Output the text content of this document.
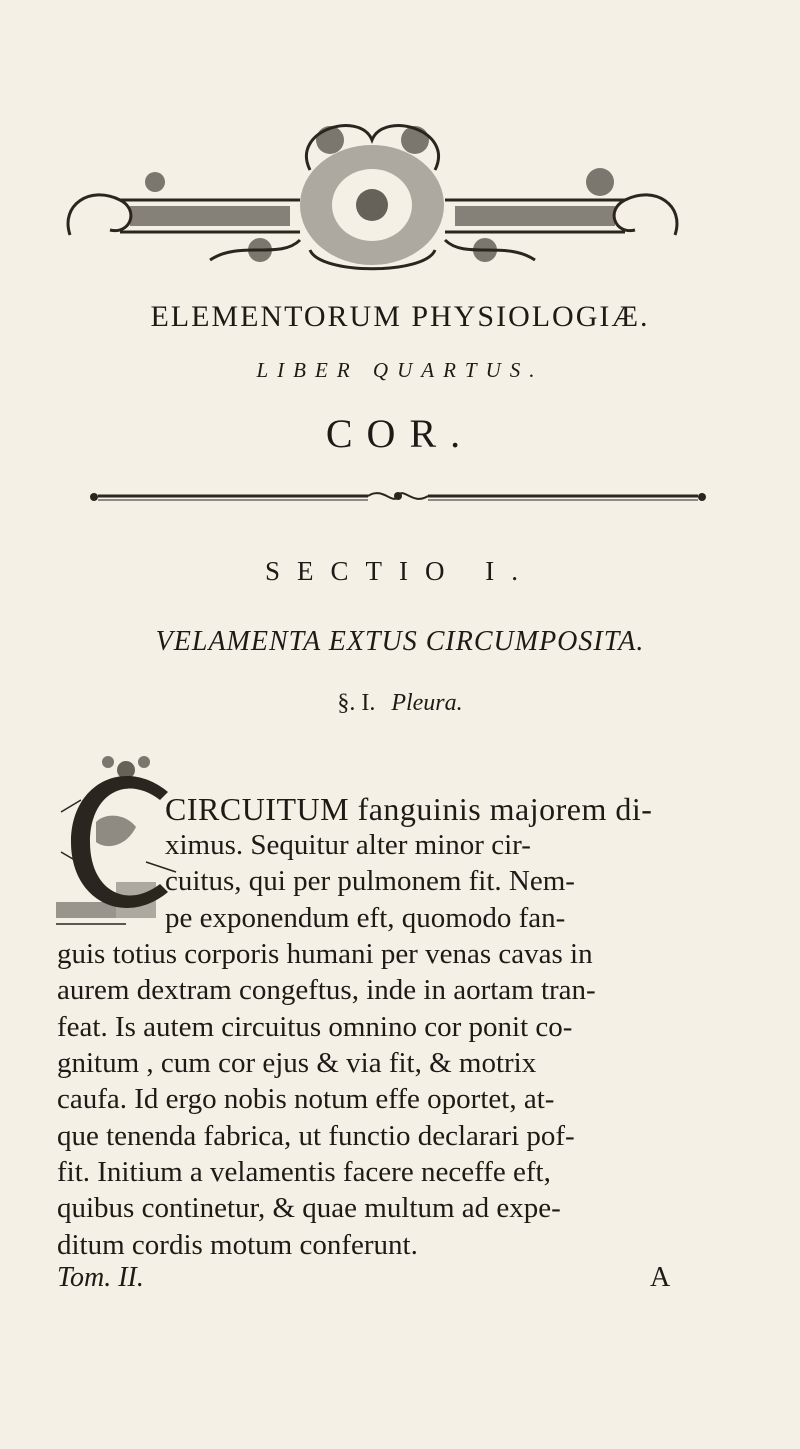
ELEMENTORUM PHYSIOLOGIÆ.
LIBER QUARTUS.
COR.
SECTIO I.
VELAMENTA EXTUS CIRCUMPOSITA.
§. I. Pleura.
CIRCUITUM fanguinis majorem di-
ximus. Sequitur alter minor cir-
cuitus, qui per pulmonem fit. Nem-
pe exponendum eft, quomodo fan-
guis totius corporis humani per venas cavas in
aurem dextram congeftus, inde in aortam tran-
feat. Is autem circuitus omnino cor ponit co-
gnitum , cum cor ejus & via fit, & motrix
caufa. Id ergo nobis notum effe oportet, at-
que tenenda fabrica, ut functio declarari pof-
fit. Initium a velamentis facere neceffe eft,
quibus continetur, & quae multum ad expe-
ditum cordis motum conferunt.
Tom. II.	A
